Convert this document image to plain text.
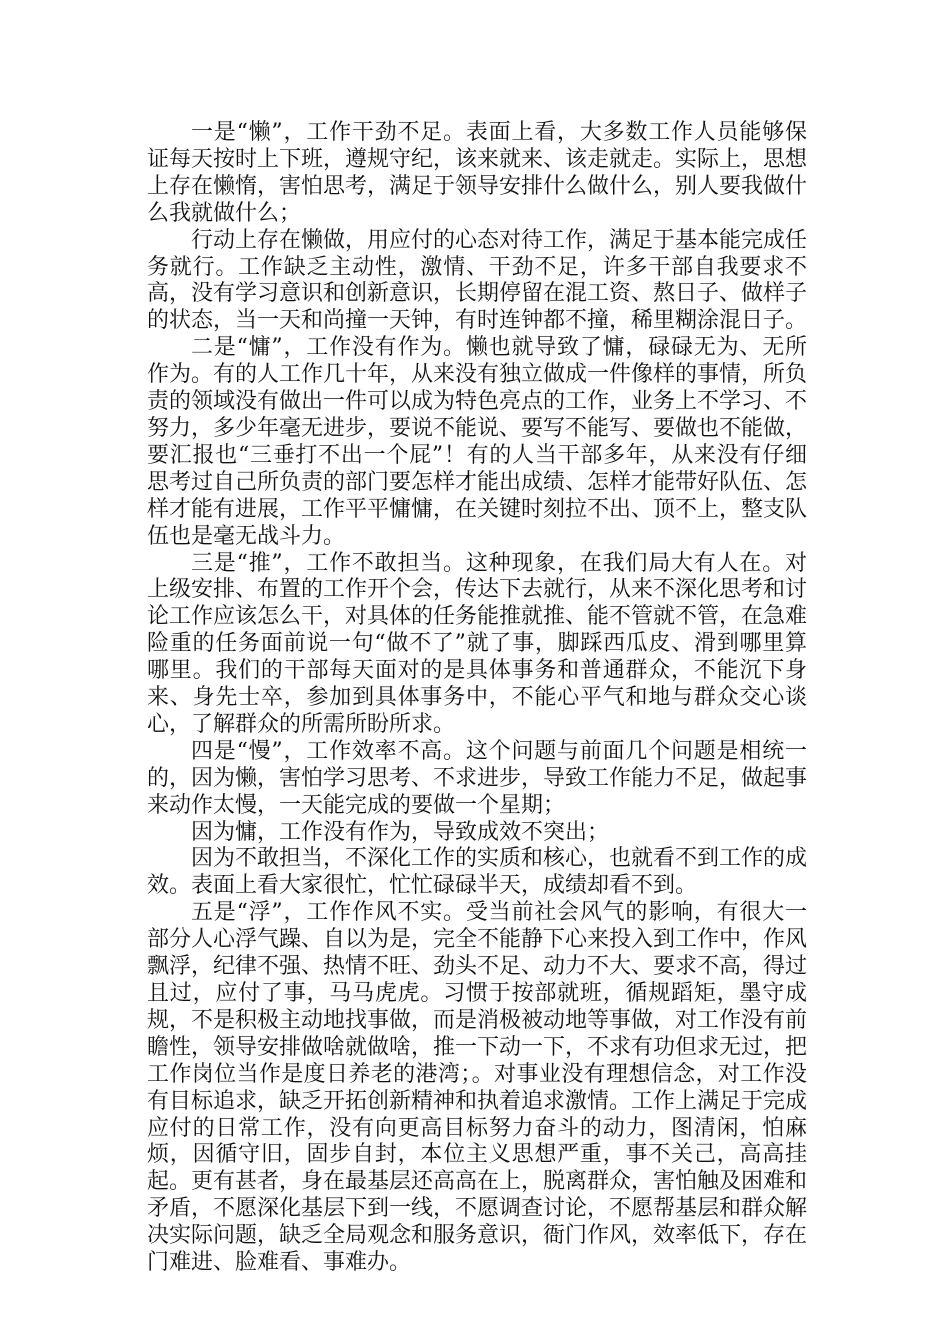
一是“懒”，工作干劲不足。表面上看，大多数工作人员能够保证每天按时上下班，遵规守纪，该来就来、该走就走。实际上，思想上存在懒惰，害怕思考，满足于领导安排什么做什么，别人要我做什么我就做什么；

行动上存在懒做，用应付的心态对待工作，满足于基本能完成任务就行。工作缺乏主动性，激情、干劲不足，许多干部自我要求不高，没有学习意识和创新意识，长期停留在混工资、熬日子、做样子的状态，当一天和尚撞一天钟，有时连钟都不撞，稀里糊涂混日子。

二是“慵”，工作没有作为。懒也就导致了慵，碌碌无为、无所作为。有的人工作几十年，从来没有独立做成一件像样的事情，所负责的领域没有做出一件可以成为特色亮点的工作，业务上不学习、不努力，多少年毫无进步，要说不能说、要写不能写、要做也不能做，要汇报也“三垂打不出一个屁”！有的人当干部多年，从来没有仔细思考过自己所负责的部门要怎样才能出成绩、怎样才能带好队伍、怎样才能有进展，工作平平慵慵，在关键时刻拉不出、顶不上，整支队伍也是毫无战斗力。

三是“推”，工作不敢担当。这种现象，在我们局大有人在。对上级安排、布置的工作开个会，传达下去就行，从来不深化思考和讨论工作应该怎么干，对具体的任务能推就推、能不管就不管，在急难险重的任务面前说一句“做不了”就了事，脚踩西瓜皮、滑到哪里算哪里。我们的干部每天面对的是具体事务和普通群众，不能沉下身来、身先士卒，参加到具体事务中，不能心平气和地与群众交心谈心，了解群众的所需所盼所求。

四是“慢”，工作效率不高。这个问题与前面几个问题是相统一的，因为懒，害怕学习思考、不求进步，导致工作能力不足，做起事来动作太慢，一天能完成的要做一个星期；

因为慵，工作没有作为，导致成效不突出；

因为不敢担当，不深化工作的实质和核心，也就看不到工作的成效。表面上看大家很忙，忙忙碌碌半天，成绩却看不到。

五是“浮”，工作作风不实。受当前社会风气的影响，有很大一部分人心浮气躁、自以为是，完全不能静下心来投入到工作中，作风飘浮，纪律不强、热情不旺、劲头不足、动力不大、要求不高，得过且过，应付了事，马马虎虎。习惯于按部就班，循规蹈矩，墨守成规，不是积极主动地找事做，而是消极被动地等事做，对工作没有前瞻性，领导安排做啥就做啥，推一下动一下，不求有功但求无过，把工作岗位当作是度日养老的港湾；。对事业没有理想信念，对工作没有目标追求，缺乏开拓创新精神和执着追求激情。工作上满足于完成应付的日常工作，没有向更高目标努力奋斗的动力，图清闲，怕麻烦，因循守旧，固步自封，本位主义思想严重，事不关己，高高挂起。更有甚者，身在最基层还高高在上，脱离群众，害怕触及困难和矛盾，不愿深化基层下到一线，不愿调查讨论，不愿帮基层和群众解决实际问题，缺乏全局观念和服务意识，衙门作风，效率低下，存在门难进、脸难看、事难办。
